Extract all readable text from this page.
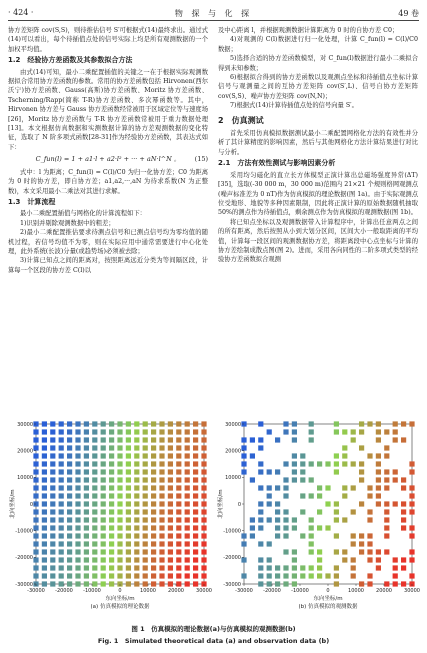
· 424 ·	物 探 与 化 探	49 卷

协方差矩阵 cov(S,S)，则待推估信号 S′可根据式(14)最终求出。通过式(14)可以看出，每个待插值点处的信号实际上均是所有观测数据的一个加权平均值。

1.2　经验协方差函数及其参数拟合方法

由式(14)可知，最小二乘配置插值的关键之一在于根据实际观测数据拟合常用协方差函数的参数。常用的协方差函数包括 Hirvonen(西尔沃宁)协方差函数、Gauss(高斯)协方差函数、Moritz 协方差函数、Tscherning/Rapp(简称 T-R)协方差函数、多次幂函数等。其中，Hirvonen 协方差与 Gauss 协方差函数经常被用于区域定位等与速度场[26]，Moritz 协方差函数与 T-R 协方差函数常被用于重力数据处理[13]。本文根据仿真数据和实测数据计算的协方差观测数据的变化特征，选取了 N 阶多项式函数[28-31]作为经验协方差函数，其表达式如下：

C_fun(l) = 1 + a1·l + a2·l² + ··· + aN·l^N 。 (15)

式中：l 为距离；C_fun(l) = C(l)/C0 为归一化协方差；C0 为距离为 0 时的协方差，即自协方差；a1,a2,···,aN 为待求系数(N 为正整数)，本文采用最小二乘法对其进行求解。

1.3　计算流程

最小二乘配置插值与网格化的计算流程如下：

1)识别并剔除观测数据中的粗差；

2)最小二乘配置推估要求待测点信号和已测点信号均为零均值的随机过程，若信号均值不为零，则在实际应用中通常需要进行中心化处理，此外系统(长波)分量(或趋势场)必须被去除；

3)计算已知点之间的距离对，按照距离远近分类为等间隔区段，计算每一个区段的协方差 C(l)以

及中心距离 l，并根据观测数据计算距离为 0 时的自协方差 C0；

4)对观测的 C(l)数据进行归一化处理，计算 C_fun(l) = C(l)/C0 数据；

5)选择合适的协方差函数模型，对 C_fun(l)数据进行最小二乘拟合得到未知参数；

6)根据拟合得到的协方差函数以及观测点坐标和待插值点坐标计算信号与观测量之间的互协方差矩阵 cov(S′,L)、信号自协方差矩阵 cov(S,S)、噪声协方差矩阵 cov(N,N)；

7)根据式(14)计算待插值点处的信号向量 S′。

2　仿真测试

首先采用仿真模拟数据测试最小二乘配置网格化方法的有效性并分析了其计算精度的影响因素，然后与其他网格化方法计算结果进行对比与分析。

2.1　方法有效性测试与影响因素分析

采用均匀磁化的直立长方体模型正演计算出总磁场强度异常(ΔT)[35]，选取(-30 000 m，30 000 m)范围内 21×21 个规则格网观测点(噪声标准差为 0 nT)作为仿真模拟的理论数据(图 1a)。由于实际观测点位受地形、地貌等多种因素限制，因此将正演计算的原始数据随机抽取 50%的测点作为待插值点，剩余测点作为仿真模拟的观测数据(图 1b)。

将已知点坐标以及观测数据带入计算程序中，计算出任意两点之间的所有距离，然后按照从小到大划分区间，区间大小一般取距离的平均值，计算每一段区间的观测数据协方差，将距离段中心点坐标与计算的协方差绘制成散点图(图 2)。进而，采用各向同性的二阶多项式类型的经验协方差函数拟合观测

30000
20000
10000
0
-10000
-20000
-30000
-30000 -20000 -10000	0	10000 20000 30000
北向坐标/m
东向坐标/m
(a) 仿真模拟的理论数据
30000
20000
10000
0
-10000
-20000
-30000
-30000 -20000 -10000	0	10000 20000 30000
北向坐标/m
东向坐标/m
(b) 仿真模拟的观测数据
图 1　仿真模拟的理论数据(a)与仿真模拟的观测数据(b)
Fig. 1　Simulated theoretical data (a) and observation data (b)
